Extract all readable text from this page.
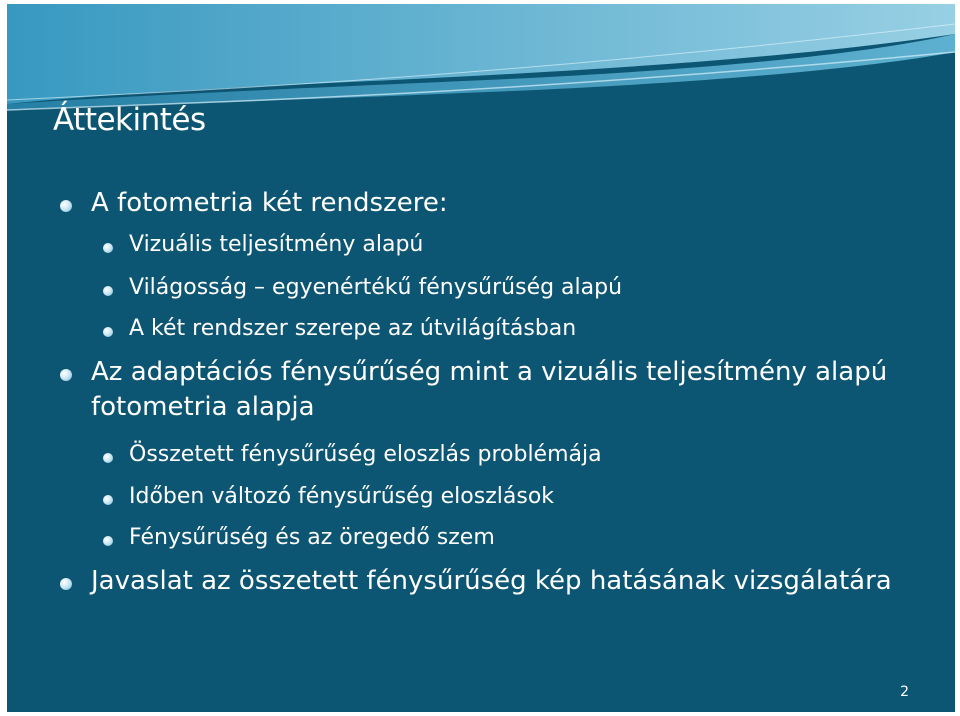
Áttekintés
A fotometria két rendszere:
Vizuális teljesítmény alapú
Világosság – egyenértékű fénysűrűség alapú
A két rendszer szerepe az útvilágításban
Az adaptációs fénysűrűség mint a vizuális teljesítmény alapú
fotometria alapja
Összetett fénysűrűség eloszlás problémája
Időben változó fénysűrűség eloszlások
Fénysűrűség és az öregedő szem
Javaslat az összetett fénysűrűség kép hatásának vizsgálatára
2
